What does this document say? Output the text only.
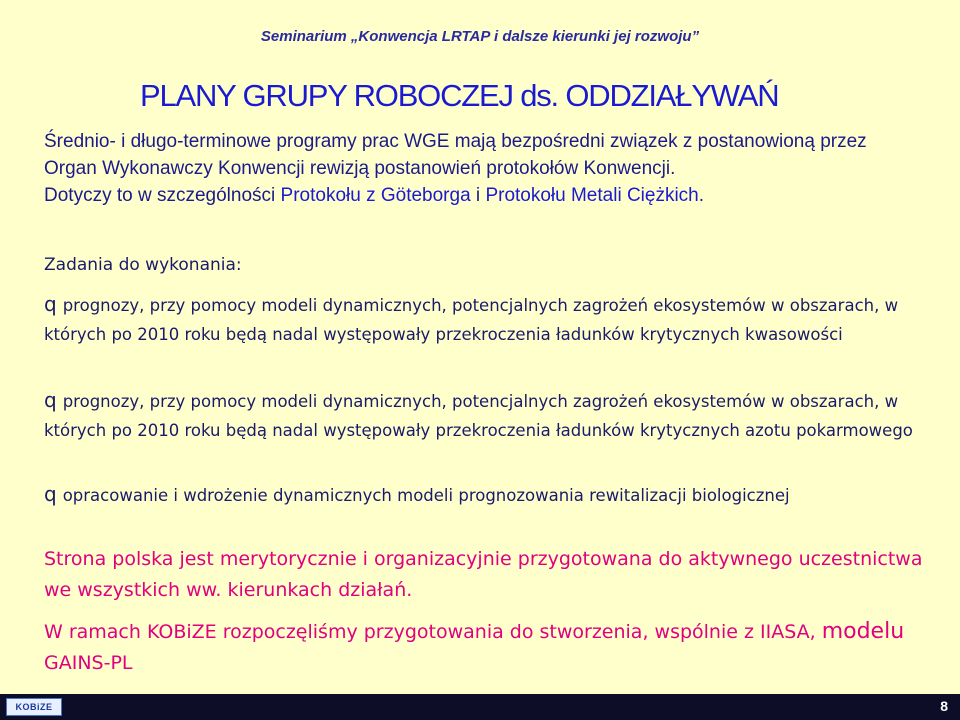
Seminarium „Konwencja LRTAP i dalsze kierunki jej rozwoju”
PLANY GRUPY ROBOCZEJ ds. ODDZIAŁYWAŃ
Średnio- i długo-terminowe programy prac WGE mają bezpośredni związek z postanowioną przez Organ Wykonawczy Konwencji rewizją postanowień protokołów Konwencji.
Dotyczy to w szczególności Protokołu z Göteborga i Protokołu Metali Ciężkich.
Zadania do wykonania:
q prognozy, przy pomocy modeli dynamicznych, potencjalnych zagrożeń ekosystemów w obszarach, w których po 2010 roku będą nadal występowały przekroczenia ładunków krytycznych kwasowości
q prognozy, przy pomocy modeli dynamicznych, potencjalnych zagrożeń ekosystemów w obszarach, w których po 2010 roku będą nadal występowały przekroczenia ładunków krytycznych azotu pokarmowego
q opracowanie i wdrożenie dynamicznych modeli prognozowania rewitalizacji biologicznej
Strona polska jest merytorycznie i organizacyjnie przygotowana do aktywnego uczestnictwa we wszystkich ww. kierunkach działań.
W ramach KOBiZE rozpoczęliśmy przygotowania do stworzenia, wspólnie z IIASA, modelu GAINS-PL
KOBiZE	8
